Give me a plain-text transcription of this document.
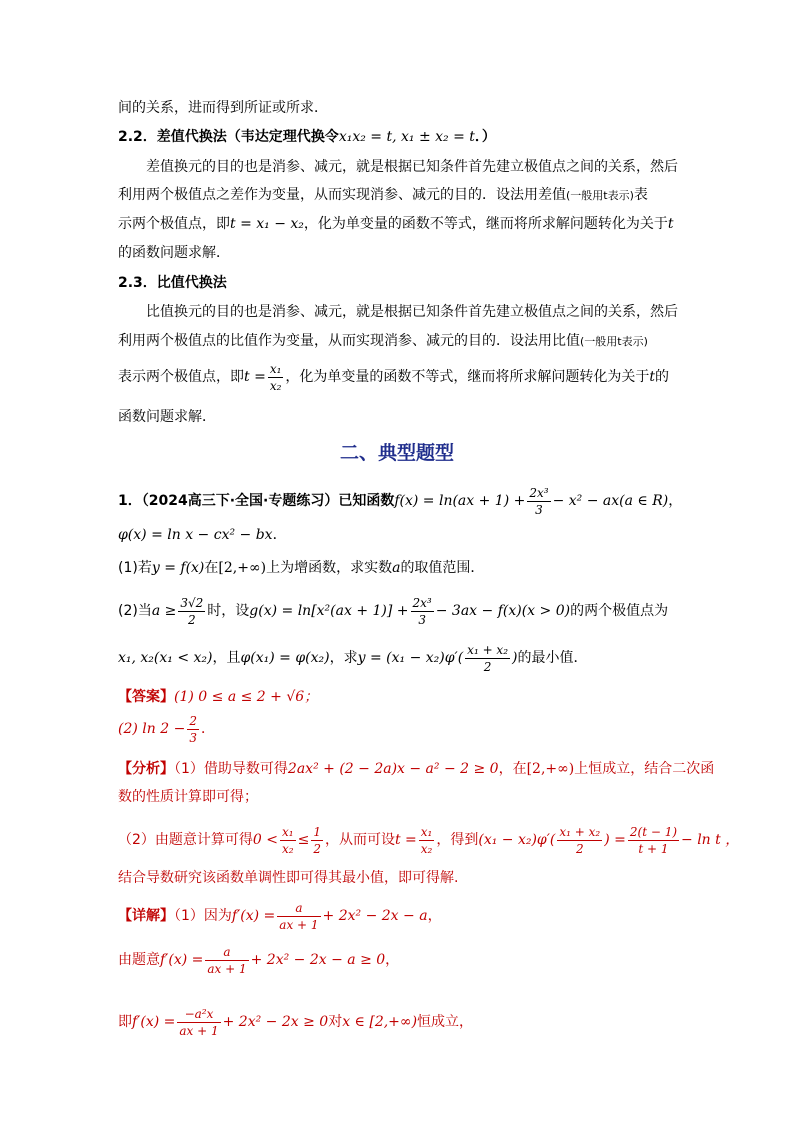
间的关系，进而得到所证或所求．
2.2．差值代换法（韦达定理代换令x₁x₂ = t, x₁ ± x₂ = t．）
差值换元的目的也是消参、减元，就是根据已知条件首先建立极值点之间的关系，然后
利用两个极值点之差作为变量，从而实现消参、减元的目的．设法用差值(一般用t表示)表
示两个极值点，即t = x₁ − x₂，化为单变量的函数不等式，继而将所求解问题转化为关于t
的函数问题求解．
2.3．比值代换法
比值换元的目的也是消参、减元，就是根据已知条件首先建立极值点之间的关系，然后
利用两个极值点的比值作为变量，从而实现消参、减元的目的．设法用比值(一般用t表示)
表示两个极值点，即$t = \frac{\text{x₁}}{\text{x₂}}$ ，化为单变量的函数不等式，继而将所求解问题转化为关于t的
函数问题求解．
二、典型题型
1．（2024高三下·全国·专题练习）已知函数$f(x) = \ln(ax + 1) + \frac{\text{2x³}}{3} - x^2 - ax(a$ ∈ R)，
φ(x) = ln x − cx² − bx．
(1)若y = f(x)在[2,+∞)上为增函数，求实数a的取值范围．
(2)当$a \ge \frac{3√2}{2}$ 时，设$g(x) = \ln[x^2(ax + 1)] + \frac{\text{2x³}}{3} - 3ax - f(x)(x > 0)$的两个极值点为
x₁, x₂(x₁ < x₂)，且φ(x₁) = φ(x₂)，求$y = (x_1 - x_2)\varphi'( \frac{\text{x₁ + x₂}}{2}$ )的最小值．
【答案】(1) 0 ≤ a ≤ 2 + √6；
(2) $\ln 2 - \frac{2}{3}$ ．
【分析】（1）借助导数可得2ax² + (2 − 2a)x − a² − 2 ≥ 0，在[2,+∞)上恒成立，结合二次函
数的性质计算即可得；
（2）由题意计算可得$0 < \frac{\text{x₁}}{\text{x₂}} \le \frac{1}{2}$ ，从而可设$t = \frac{\text{x₁}}{\text{x₂}}$ ，得到$(x_1 - x_2)\varphi'( \frac{\text{x₁ + x₂}}{2}$ ) = $\frac{2(t - 1)}{t + 1} - \ln t$ ，
结合导数研究该函数单调性即可得其最小值，即可得解.
【详解】（1）因为$f'(x) = \frac{a}{ax + 1} + 2x^2 - 2x - a$，
由题意$f'(x) = \frac{a}{ax + 1} + 2x^2 - 2x - a \ge 0$，
即$f'(x) = \frac{\text{−a²x}}{ax + 1} + 2x^2 - 2x \ge 0$对x ∈ [2,+∞)恒成立，
